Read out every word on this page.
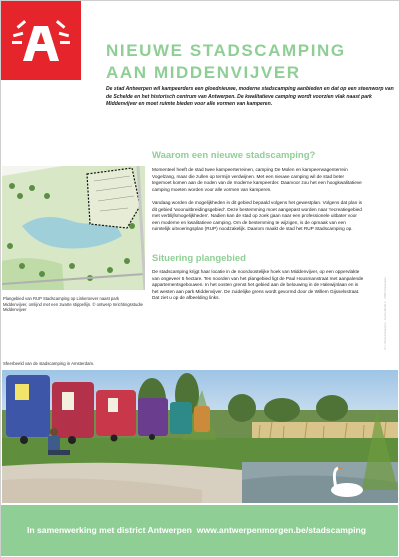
NIEUWE STADSCAMPING
AAN MIDDENVIJVER
De stad Antwerpen wil kampeerders een gloednieuwe, moderne stadscamping aanbieden en dat op een steenworp van de Schelde en het historisch centrum van Antwerpen. De kwalitatieve camping wordt voorzien vlak naast park Middenvijver en moet ruimte bieden voor alle vormen van kamperen.
Plangebied van RUP Stadscamping op Linkeroever naast park Middenvijver, omlijnd met een zwarte stippellijn. © ontwerp Inrichtingsstudie Middenvijver
Waarom een nieuwe stadscamping?
Momenteel heeft de stad twee kampeerterreinen, camping De Molen en kampeerwagenterrein Vogelzang, maar die zullen op termijn verdwijnen. Met een nieuwe camping wil de stad beter tegemoet komen aan de noden van de moderne kampeerder. Daarvoor zou het een hoogkwalitatieve camping moeten worden voor alle vormen van kamperen.
Vandaag worden de mogelijkheden in dit gebied bepaald volgens het gewestplan. Volgens dat plan is dit gebied 'woonuitbreidingsgebied'. Deze bestemming moet aangepast worden naar 'recreatiegebied met verblijfsmogelijkheden'. Nadien kan de stad op zoek gaan naar een professionele uitbater voor een moderne en kwalitatieve camping. Om de bestemming te wijzigen, is de opmaak van een ruimtelijk uitvoeringsplan (RUP) noodzakelijk. Daarom maakt de stad het RUP Stadscamping op.
Situering plangebied
De stadscamping krijgt haar locatie in de noordoostelijke hoek van Middenvijver, op een oppervlakte van ongeveer 5 hectare. Ten noorden van het plangebied ligt de Paul Housmanstraat met aanpalende appartementsgebouwen. In het oosten grenst het gebied aan de belouwing in de Halewijnlaan en in het westen aan park Middenvijver. De zuidelijke grens wordt gevormd door de Willem Gijsselsstraat. Dat ziet u op de afbeelding links.	V.U. Stad Antwerpen · Grote Markt 1 · 2000 Antwerpen
Sfeerbeeld van de stadscamping in Amsterdam.
In samenwerking met district Antwerpen www.antwerpenmorgen.be/stadscamping
